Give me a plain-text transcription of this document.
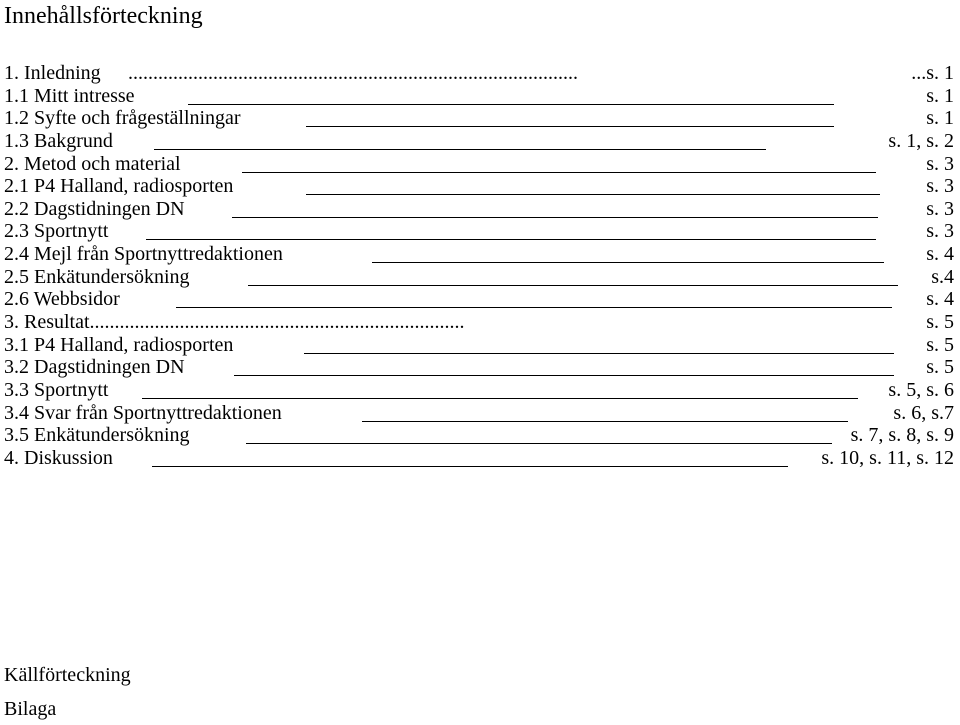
Innehållsförteckning
1. Inledning ..........................................................................................	...s. 1
1.1 Mitt intresse	s. 1
1.2 Syfte och frågeställningar	s. 1
1.3 Bakgrund	s. 1, s. 2
2. Metod och material	s. 3
2.1 P4 Halland, radiosporten	s. 3
2.2 Dagstidningen DN	s. 3
2.3 Sportnytt	s. 3
2.4 Mejl från Sportnyttredaktionen	s. 4
2.5 Enkätundersökning	s.4
2.6 Webbsidor	s. 4
3. Resultat...........................................................................	s. 5
3.1 P4 Halland, radiosporten	s. 5
3.2 Dagstidningen DN	s. 5
3.3 Sportnytt	s. 5, s. 6
3.4 Svar från Sportnyttredaktionen	s. 6, s.7
3.5 Enkätundersökning	s. 7, s. 8, s. 9
4. Diskussion	s. 10, s. 11, s. 12
Källförteckning
Bilaga
